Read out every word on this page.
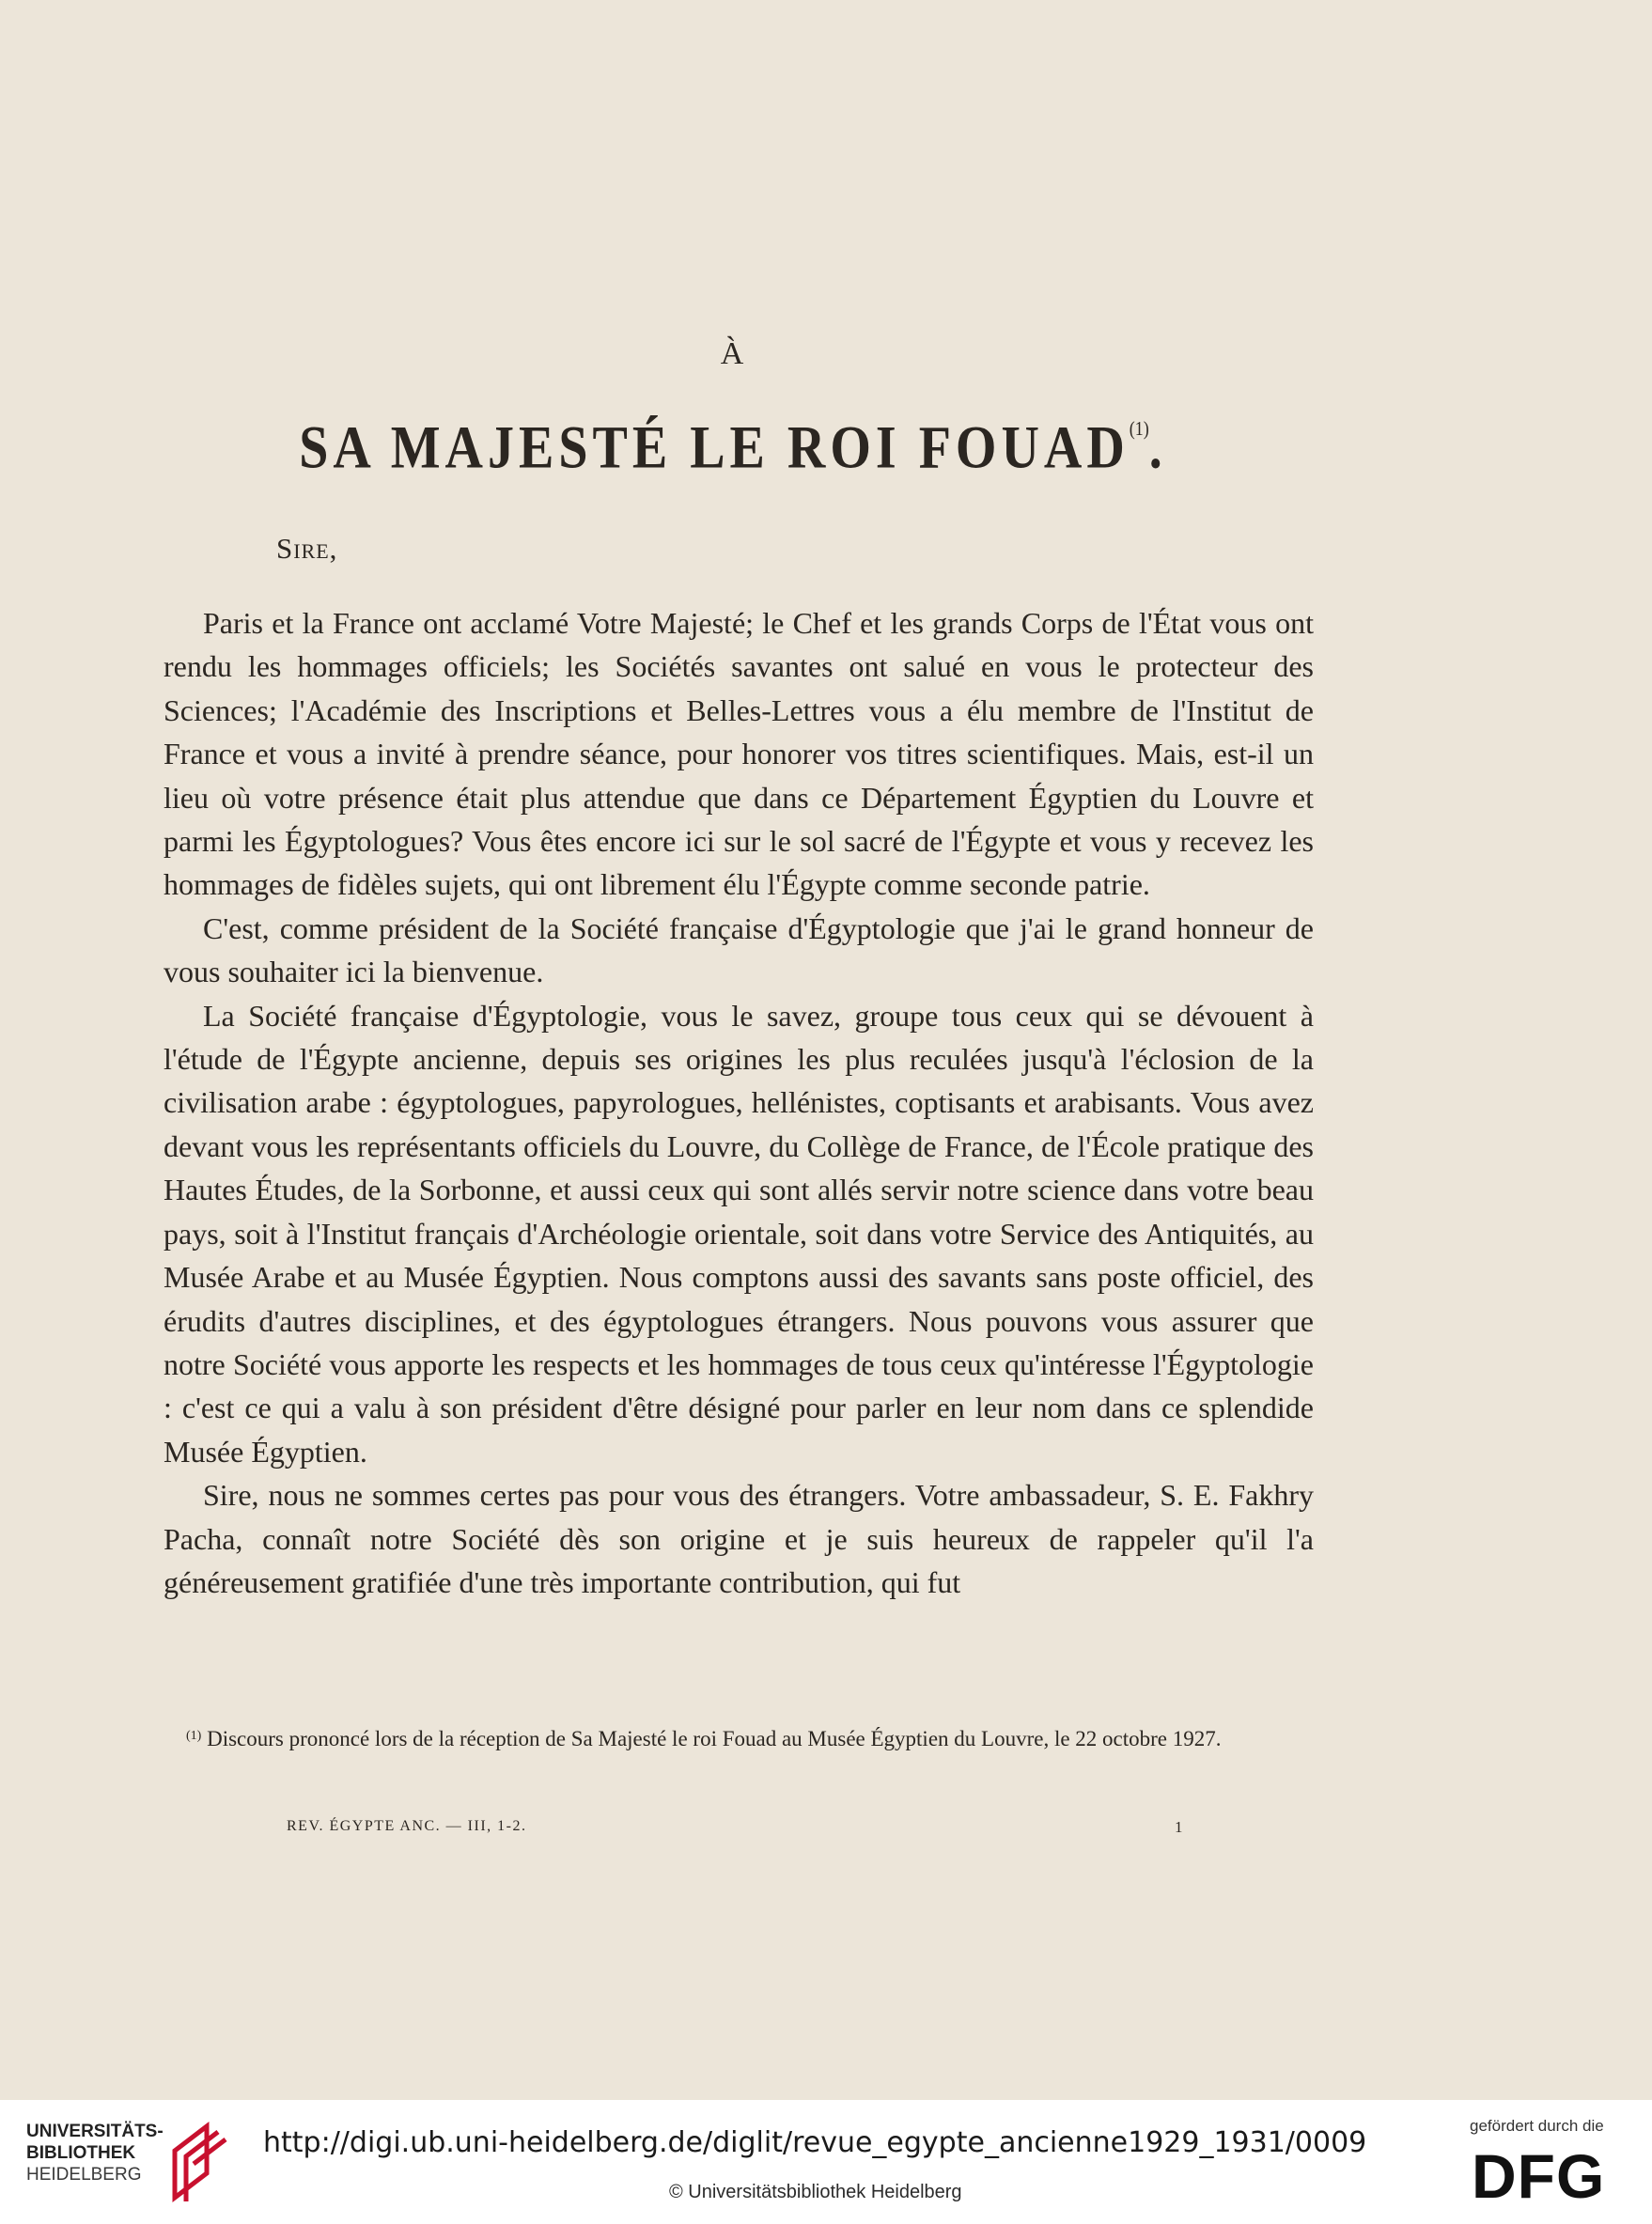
À
SA MAJESTÉ LE ROI FOUAD$^{(1)}$.
Sire,

Paris et la France ont acclamé Votre Majesté; le Chef et les grands Corps de l'État vous ont rendu les hommages officiels; les Sociétés savantes ont salué en vous le protecteur des Sciences; l'Académie des Inscriptions et Belles-Lettres vous a élu membre de l'Institut de France et vous a invité à prendre séance, pour honorer vos titres scientifiques. Mais, est-il un lieu où votre présence était plus attendue que dans ce Département Égyptien du Louvre et parmi les Égyptologues? Vous êtes encore ici sur le sol sacré de l'Égypte et vous y recevez les hommages de fidèles sujets, qui ont librement élu l'Égypte comme seconde patrie.

C'est, comme président de la Société française d'Égyptologie que j'ai le grand honneur de vous souhaiter ici la bienvenue.

La Société française d'Égyptologie, vous le savez, groupe tous ceux qui se dévouent à l'étude de l'Égypte ancienne, depuis ses origines les plus reculées jusqu'à l'éclosion de la civilisation arabe : égyptologues, papyrologues, hellénistes, coptisants et arabisants. Vous avez devant vous les représentants officiels du Louvre, du Collège de France, de l'École pratique des Hautes Études, de la Sorbonne, et aussi ceux qui sont allés servir notre science dans votre beau pays, soit à l'Institut français d'Archéologie orientale, soit dans votre Service des Antiquités, au Musée Arabe et au Musée Égyptien. Nous comptons aussi des savants sans poste officiel, des érudits d'autres disciplines, et des égyptologues étrangers. Nous pouvons vous assurer que notre Société vous apporte les respects et les hommages de tous ceux qu'intéresse l'Égyptologie : c'est ce qui a valu à son président d'être désigné pour parler en leur nom dans ce splendide Musée Égyptien.

Sire, nous ne sommes certes pas pour vous des étrangers. Votre ambassadeur, S. E. Fakhry Pacha, connaît notre Société dès son origine et je suis heureux de rappeler qu'il l'a généreusement gratifiée d'une très importante contribution, qui fut

$^{(1)}$ Discours prononcé lors de la réception de Sa Majesté le roi Fouad au Musée Égyptien du Louvre, le 22 octobre 1927.
REV. ÉGYPTE ANC. — III, 1-2.	1
UNIVERSITÄTS-
BIBLIOTHEK
HEIDELBERG
http://digi.ub.uni-heidelberg.de/diglit/revue_egypte_ancienne1929_1931/0009
© Universitätsbibliothek Heidelberg
gefördert durch die
DFG
